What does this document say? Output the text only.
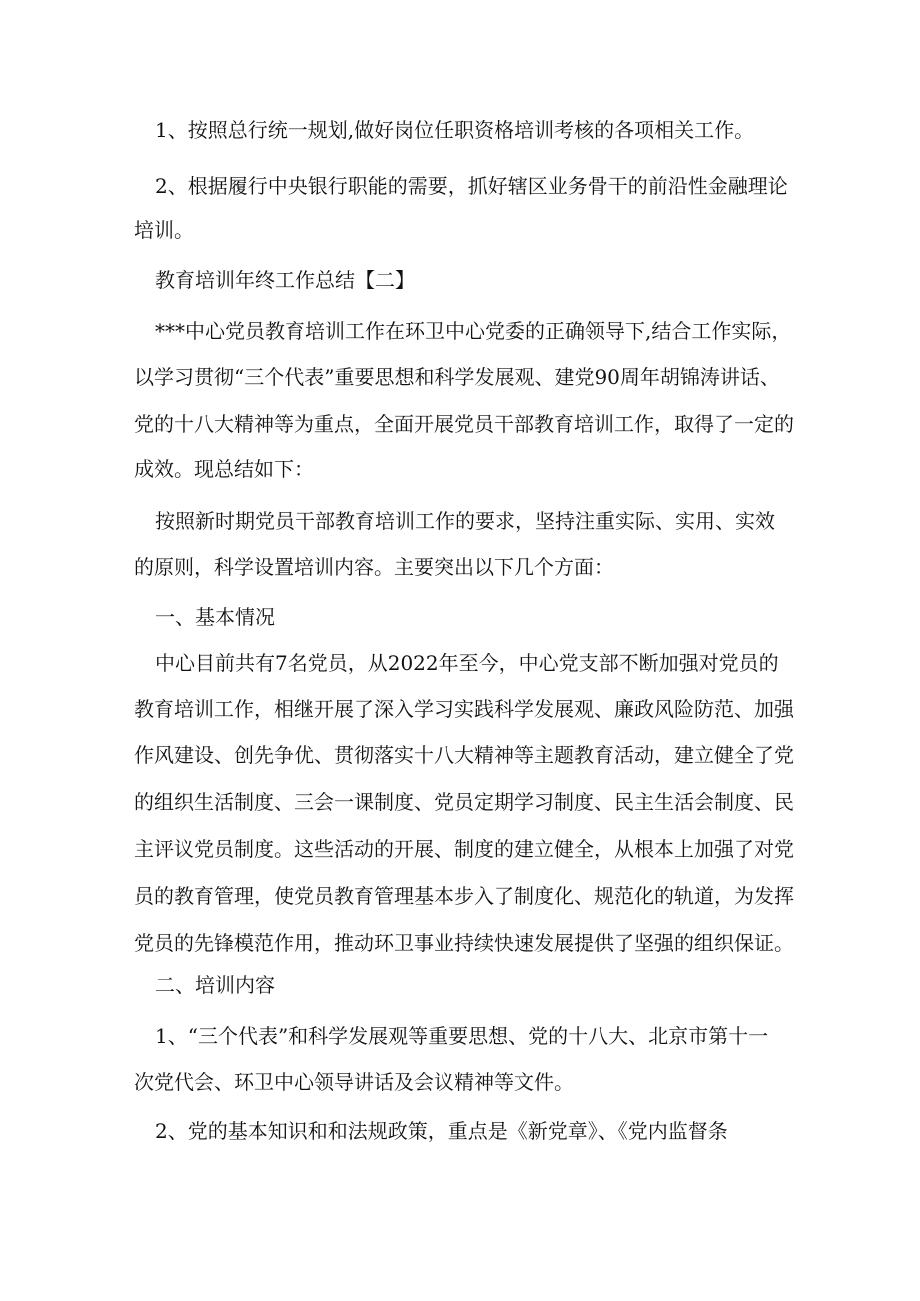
1、按照总行统一规划,做好岗位任职资格培训考核的各项相关工作。

2、根据履行中央银行职能的需要，抓好辖区业务骨干的前沿性金融理论

培训。

教育培训年终工作总结【二】

***中心党员教育培训工作在环卫中心党委的正确领导下,结合工作实际，

以学习贯彻“三个代表”重要思想和科学发展观、建党90周年胡锦涛讲话、

党的十八大精神等为重点，全面开展党员干部教育培训工作，取得了一定的

成效。现总结如下：

按照新时期党员干部教育培训工作的要求，坚持注重实际、实用、实效

的原则，科学设置培训内容。主要突出以下几个方面：

一、基本情况

中心目前共有7名党员，从2022年至今，中心党支部不断加强对党员的

教育培训工作，相继开展了深入学习实践科学发展观、廉政风险防范、加强

作风建设、创先争优、贯彻落实十八大精神等主题教育活动，建立健全了党

的组织生活制度、三会一课制度、党员定期学习制度、民主生活会制度、民

主评议党员制度。这些活动的开展、制度的建立健全，从根本上加强了对党

员的教育管理，使党员教育管理基本步入了制度化、规范化的轨道，为发挥

党员的先锋模范作用，推动环卫事业持续快速发展提供了坚强的组织保证。

二、培训内容

1、“三个代表”和科学发展观等重要思想、党的十八大、北京市第十一

次党代会、环卫中心领导讲话及会议精神等文件。

2、党的基本知识和和法规政策，重点是《新党章》、《党内监督条
